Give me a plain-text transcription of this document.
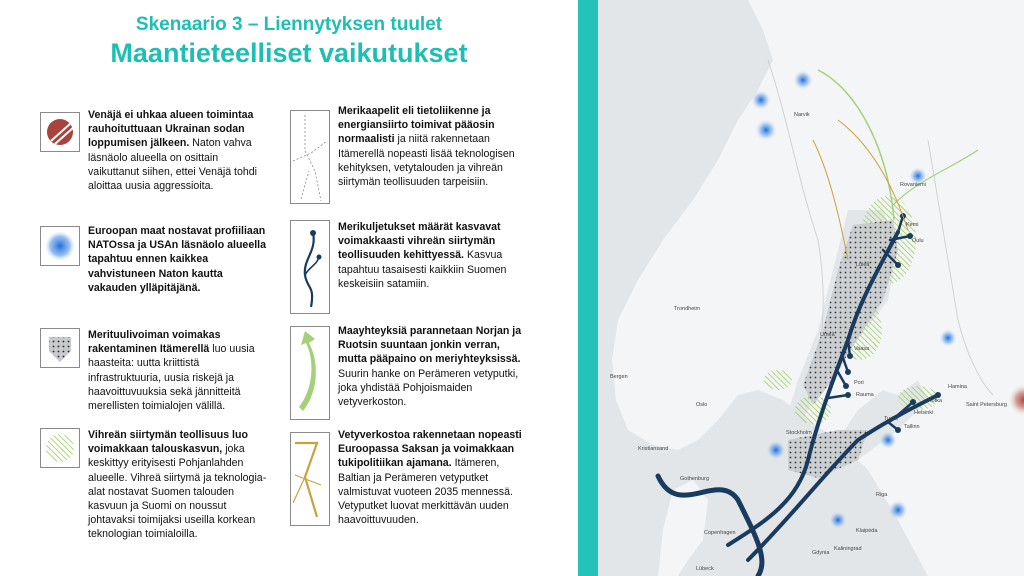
Skenaario 3 – Liennytyksen tuulet
Maantieteelliset vaikutukset
Venäjä ei uhkaa alueen toimintaa rauhoituttuaan Ukrainan sodan loppumisen jälkeen. Naton vahva läsnäolo alueella on osittain vaikuttanut siihen, ettei Venäjä tohdi aloittaa uusia aggressioita.
Euroopan maat nostavat profiiliaan NATOssa ja USAn läsnäolo alueella tapahtuu ennen kaikkea vahvistuneen Naton kautta vakauden ylläpitäjänä.
Merituulivoiman voimakas rakentaminen Itämerellä luo uusia haasteita: uutta kriittistä infrastruktuuria, uusia riskejä ja haavoittuvuuksia sekä jännitteitä merellisten toimialojen välillä.
Vihreän siirtymän teollisuus luo voimakkaan talouskasvun, joka keskittyy erityisesti Pohjanlahden alueelle. Vihreä siirtymä ja teknologia-alat nostavat Suomen talouden kasvuun ja Suomi on noussut johtavaksi toimijaksi useilla korkean teknologian toimialoilla.
Merikaapelit eli tietoliikenne ja energiansiirto toimivat pääosin normaalisti ja niitä rakennetaan Itämerellä nopeasti lisää teknologisen kehityksen, vetytalouden ja vihreän siirtymän teollisuuden tarpeisiin.
Merikuljetukset määrät kasvavat voimakkaasti vihreän siirtymän teollisuuden kehittyessä. Kasvua tapahtuu tasaisesti kaikkiin Suomen keskeisiin satamiin.
Maayhteyksiä parannetaan Norjan ja Ruotsin suuntaan jonkin verran, mutta pääpaino on meriyhteyksissä. Suurin hanke on Perämeren vetyputki, joka yhdistää Pohjoismaiden vetyverkoston.
Vetyverkostoa rakennetaan nopeasti Euroopassa Saksan ja voimakkaan tukipolitiikan ajamana. Itämeren, Baltian ja Perämeren vetyputket valmistuvat vuoteen 2035 mennessä. Vetyputket luovat merkittävän uuden haavoittuvuuden.
Narvik
Rovaniemi
Oulu
Kemi
Luleå
Umeå
Vaasa
Pori
Rauma
Turku
Helsinki
Hamina
Kotka
Tallinn
Saint Petersburg
Trondheim
Bergen
Oslo
Stockholm
Gothenburg
Copenhagen
Riga
Klaipėda
Gdynia
Kaliningrad
Lübeck
Kristiansand
